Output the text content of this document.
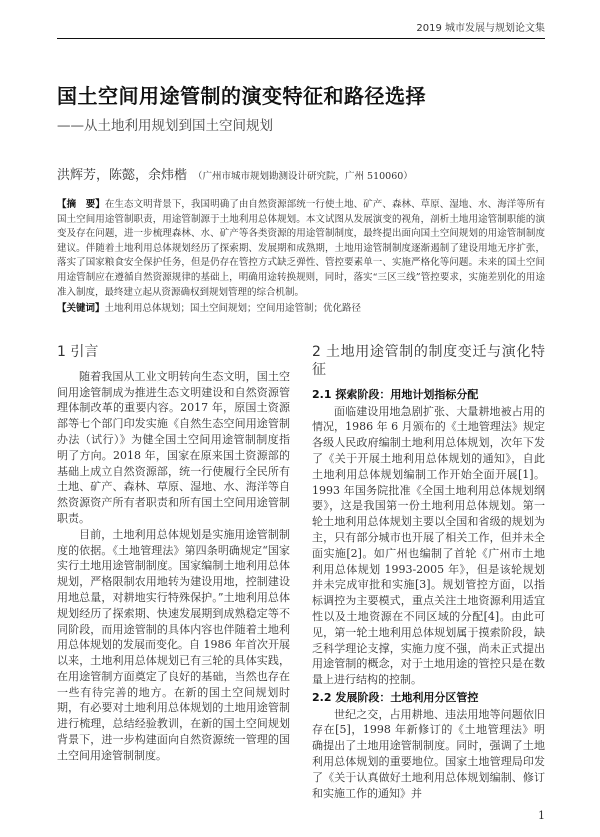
2019 城市发展与规划论文集
国土空间用途管制的演变特征和路径选择
——从土地利用规划到国土空间规划
洪辉芳，陈懿，余炜楷 （广州市城市规划勘测设计研究院，广州 510060）
【摘　要】在生态文明背景下，我国明确了由自然资源部统一行使土地、矿产、森林、草原、湿地、水、海洋等所有国土空间用途管制职责，用途管制源于土地利用总体规划。本文试图从发展演变的视角，剖析土地用途管制职能的演变及存在问题，进一步梳理森林、水、矿产等各类资源的用途管制制度，最终提出面向国土空间规划的用途管制制度建议。伴随着土地利用总体规划经历了探索期、发展期和成熟期，土地用途管制制度逐渐遏制了建设用地无序扩张，落实了国家粮食安全保护任务，但是仍存在管控方式缺乏弹性、管控要素单一、实施严格化等问题。未来的国土空间用途管制应在遵循自然资源规律的基础上，明确用途转换规则，同时，落实“三区三线”管控要求，实施差别化的用途准入制度，最终建立起从资源确权到规划管理的综合机制。
【关键词】土地利用总体规划；国土空间规划；空间用途管制；优化路径
1 引言

随着我国从工业文明转向生态文明，国土空间用途管制成为推进生态文明建设和自然资源管理体制改革的重要内容。2017 年，原国土资源部等七个部门印发实施《自然生态空间用途管制办法（试行）》为健全国土空间用途管制制度指明了方向。2018 年，国家在原来国土资源部的基础上成立自然资源部，统一行使履行全民所有土地、矿产、森林、草原、湿地、水、海洋等自然资源资产所有者职责和所有国土空间用途管制职责。

目前，土地利用总体规划是实施用途管制制度的依据。《土地管理法》第四条明确规定“国家实行土地用途管制制度。国家编制土地利用总体规划，严格限制农用地转为建设用地，控制建设用地总量，对耕地实行特殊保护。”土地利用总体规划经历了探索期、快速发展期到成熟稳定等不同阶段，而用途管制的具体内容也伴随着土地利用总体规划的发展而变化。自 1986 年首次开展以来，土地利用总体规划已有三轮的具体实践，在用途管制方面奠定了良好的基础，当然也存在一些有待完善的地方。在新的国土空间规划时期，有必要对土地利用总体规划的土地用途管制进行梳理，总结经验教训，在新的国土空间规划背景下，进一步构建面向自然资源统一管理的国土空间用途管制制度。

2 土地用途管制的制度变迁与演化特征
2.1 探索阶段：用地计划指标分配

面临建设用地急剧扩张、大量耕地被占用的情况，1986 年 6 月颁布的《土地管理法》规定各级人民政府编制土地利用总体规划，次年下发了《关于开展土地利用总体规划的通知》，自此土地利用总体规划编制工作开始全面开展[1]。1993 年国务院批准《全国土地利用总体规划纲要》，这是我国第一份土地利用总体规划。第一轮土地利用总体规划主要以全国和省级的规划为主，只有部分城市也开展了相关工作，但并未全面实施[2]。如广州也编制了首轮《广州市土地利用总体规划 1993-2005 年》，但是该轮规划并未完成审批和实施[3]。规划管控方面，以指标调控为主要模式，重点关注土地资源利用适宜性以及土地资源在不同区域的分配[4]。由此可见，第一轮土地利用总体规划属于摸索阶段，缺乏科学理论支撑，实施力度不强，尚未正式提出用途管制的概念，对于土地用途的管控只是在数量上进行结构的控制。

2.2 发展阶段：土地利用分区管控

世纪之交，占用耕地、违法用地等问题依旧存在[5]，1998 年新修订的《土地管理法》明确提出了土地用途管制制度。同时，强调了土地利用总体规划的重要地位。国家土地管理局印发了《关于认真做好土地利用总体规划编制、修订和实施工作的通知》并

1
